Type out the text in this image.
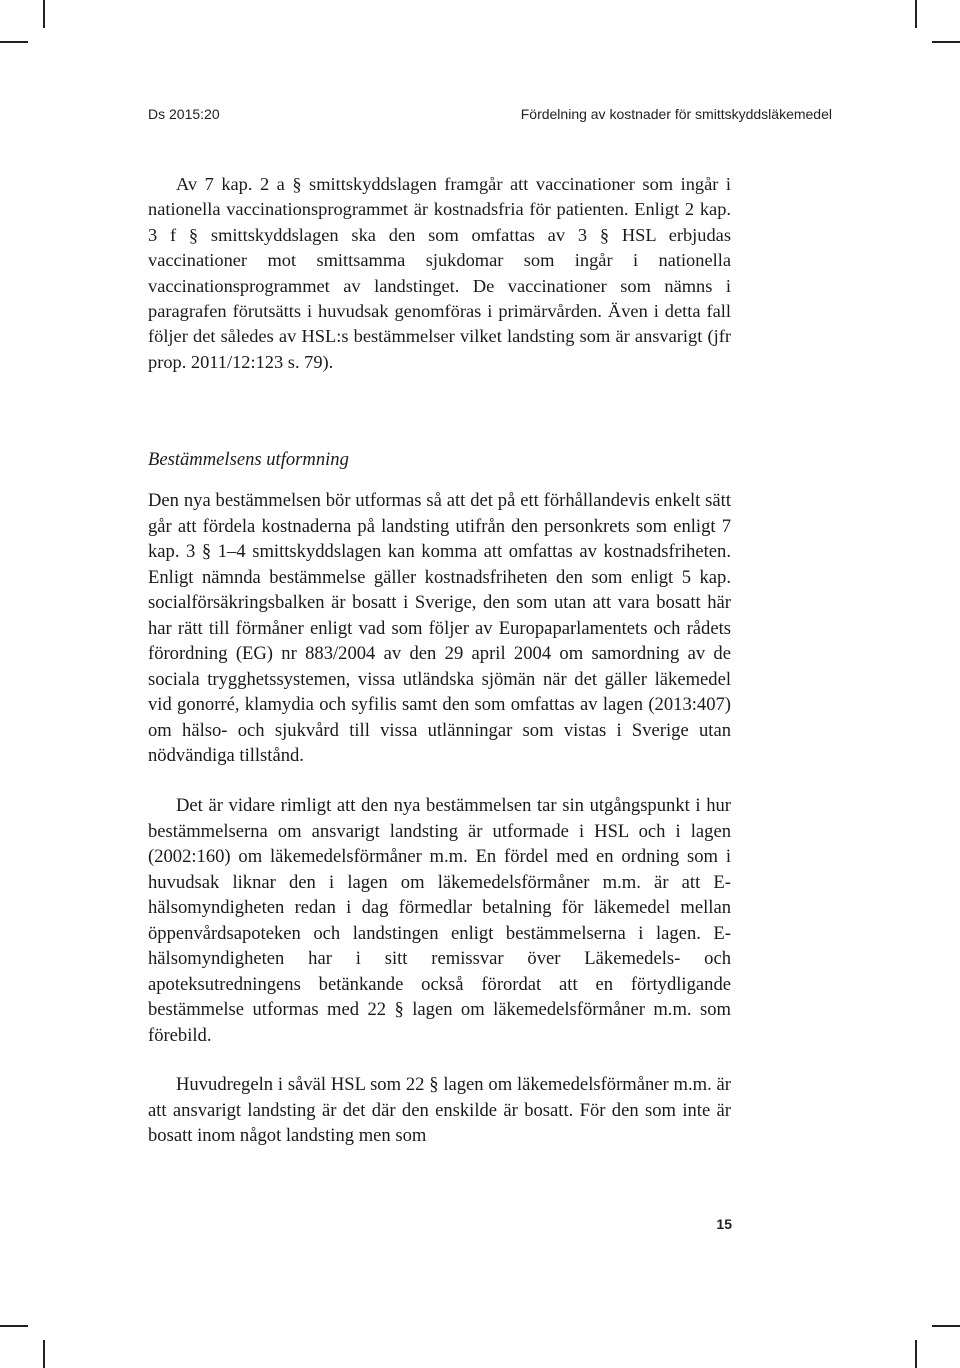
Ds 2015:20	Fördelning av kostnader för smittskyddsläkemedel

Av 7 kap. 2 a § smittskyddslagen framgår att vaccinationer som ingår i nationella vaccinationsprogrammet är kostnadsfria för patienten. Enligt 2 kap. 3 f § smittskyddslagen ska den som omfattas av 3 § HSL erbjudas vaccinationer mot smittsamma sjukdomar som ingår i nationella vaccinationsprogrammet av landstinget. De vaccinationer som nämns i paragrafen förutsätts i huvudsak genomföras i primärvården. Även i detta fall följer det således av HSL:s bestämmelser vilket landsting som är ansvarigt (jfr prop. 2011/12:123 s. 79).

Bestämmelsens utformning

Den nya bestämmelsen bör utformas så att det på ett förhållandevis enkelt sätt går att fördela kostnaderna på landsting utifrån den personkrets som enligt 7 kap. 3 § 1–4 smittskyddslagen kan komma att omfattas av kostnadsfriheten. Enligt nämnda bestämmelse gäller kostnadsfriheten den som enligt 5 kap. socialförsäkringsbalken är bosatt i Sverige, den som utan att vara bosatt här har rätt till förmåner enligt vad som följer av Europaparlamentets och rådets förordning (EG) nr 883/2004 av den 29 april 2004 om samordning av de sociala trygghetssystemen, vissa utländska sjömän när det gäller läkemedel vid gonorré, klamydia och syfilis samt den som omfattas av lagen (2013:407) om hälso- och sjukvård till vissa utlänningar som vistas i Sverige utan nödvändiga tillstånd.

Det är vidare rimligt att den nya bestämmelsen tar sin utgångspunkt i hur bestämmelserna om ansvarigt landsting är utformade i HSL och i lagen (2002:160) om läkemedelsförmåner m.m. En fördel med en ordning som i huvudsak liknar den i lagen om läkemedelsförmåner m.m. är att E-hälsomyndigheten redan i dag förmedlar betalning för läkemedel mellan öppenvårdsapoteken och landstingen enligt bestämmelserna i lagen. E-hälsomyndigheten har i sitt remissvar över Läkemedels- och apoteksutredningens betänkande också förordat att en förtydligande bestämmelse utformas med 22 § lagen om läkemedelsförmåner m.m. som förebild.

Huvudregeln i såväl HSL som 22 § lagen om läkemedelsförmåner m.m. är att ansvarigt landsting är det där den enskilde är bosatt. För den som inte är bosatt inom något landsting men som

15
